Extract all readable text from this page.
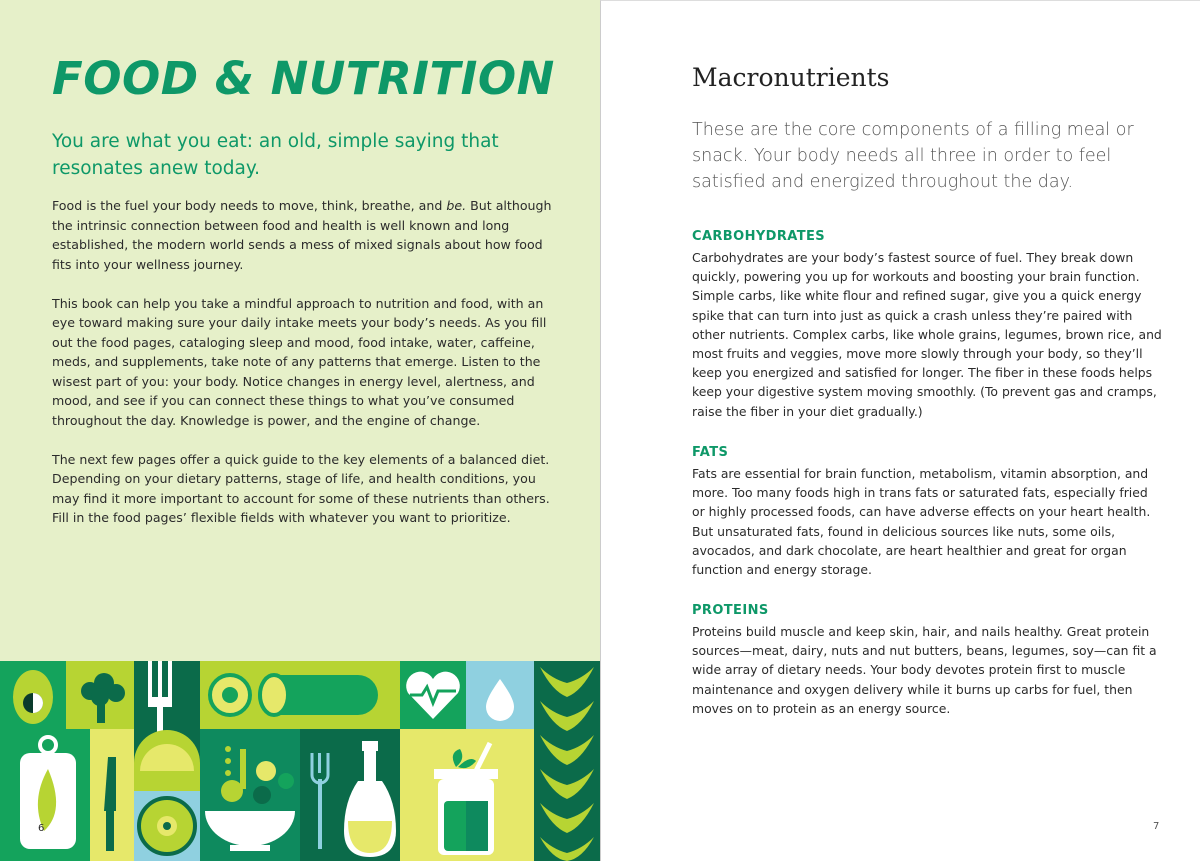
FOOD & NUTRITION
You are what you eat: an old, simple saying that resonates anew today.

Food is the fuel your body needs to move, think, breathe, and be. But although the intrinsic connection between food and health is well known and long established, the modern world sends a mess of mixed signals about how food fits into your wellness journey.

This book can help you take a mindful approach to nutrition and food, with an eye toward making sure your daily intake meets your body’s needs. As you fill out the food pages, cataloging sleep and mood, food intake, water, caffeine, meds, and supplements, take note of any patterns that emerge. Listen to the wisest part of you: your body. Notice changes in energy level, alertness, and mood, and see if you can connect these things to what you’ve consumed throughout the day. Knowledge is power, and the engine of change.

The next few pages offer a quick guide to the key elements of a balanced diet. Depending on your dietary patterns, stage of life, and health conditions, you may find it more important to account for some of these nutrients than others. Fill in the food pages’ flexible fields with whatever you want to prioritize.

6
Macronutrients
These are the core components of a filling meal or snack. Your body needs all three in order to feel satisfied and energized throughout the day.
CARBOHYDRATES

Carbohydrates are your body’s fastest source of fuel. They break down quickly, powering you up for workouts and boosting your brain function. Simple carbs, like white flour and refined sugar, give you a quick energy spike that can turn into just as quick a crash unless they’re paired with other nutrients. Complex carbs, like whole grains, legumes, brown rice, and most fruits and veggies, move more slowly through your body, so they’ll keep you energized and satisfied for longer. The fiber in these foods helps keep your digestive system moving smoothly. (To prevent gas and cramps, raise the fiber in your diet gradually.)

FATS

Fats are essential for brain function, metabolism, vitamin absorption, and more. Too many foods high in trans fats or saturated fats, especially fried or highly processed foods, can have adverse effects on your heart health. But unsaturated fats, found in delicious sources like nuts, some oils, avocados, and dark chocolate, are heart healthier and great for organ function and energy storage.

PROTEINS

Proteins build muscle and keep skin, hair, and nails healthy. Great protein sources—meat, dairy, nuts and nut butters, beans, legumes, soy—can fit a wide array of dietary needs. Your body devotes protein first to muscle maintenance and oxygen delivery while it burns up carbs for fuel, then moves on to protein as an energy source.

7
